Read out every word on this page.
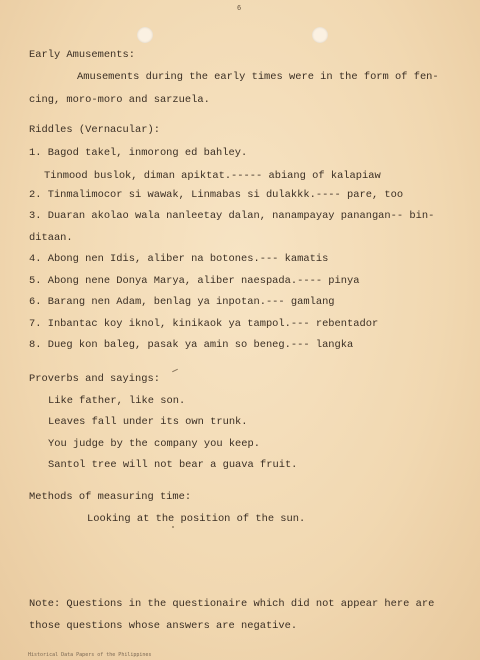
6
Early Amusements:
Amusements during the early times were in the form of fen-
cing, moro-moro and sarzuela.
Riddles (Vernacular):
1. Bagod takel, inmorong ed bahley.
Tinmood buslok, diman apiktat.----- abiang of kalapiaw
2. Tinmalimocor si wawak, Linmabas si dulakkk.---- pare, too
3. Duaran akolao wala nanleetay dalan, nanampayay panangan-- bin-
ditaan.
4. Abong nen Idis, aliber na botones.--- kamatis
5. Abong nene Donya Marya, aliber naespada.---- pinya
6. Barang nen Adam, benlag ya inpotan.--- gamlang
7. Inbantac koy iknol, kinikaok ya tampol.--- rebentador
8. Dueg kon baleg, pasak ya amin so beneg.--- langka
Proverbs and sayings:
Like father, like son.
Leaves fall under its own trunk.
You judge by the company you keep.
Santol tree will not bear a guava fruit.
Methods of measuring time:
Looking at the position of the sun.
Note: Questions in the questionaire which did not appear here are
those questions whose answers are negative.
Historical Data Papers of the Philippines
